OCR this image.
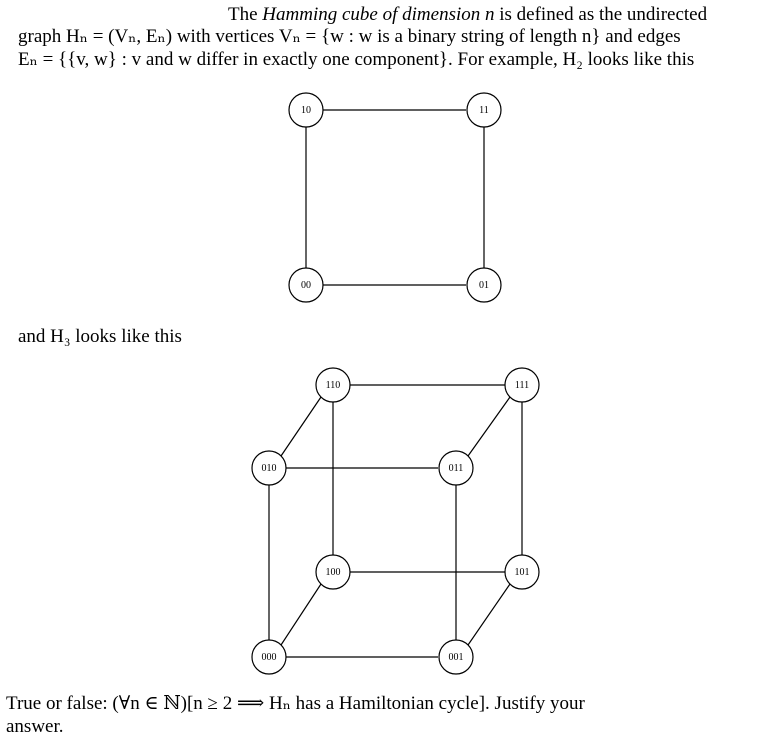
The Hamming cube of dimension n is defined as the undirected
graph Hₙ = (Vₙ, Eₙ) with vertices Vₙ = {w : w is a binary string of length n} and edges
Eₙ = {{v, w} : v and w differ in exactly one component}. For example, H₂ looks like this
and H₃ looks like this
True or false: (∀n ∈ ℕ)[n ≥ 2 ⟹ Hₙ has a Hamiltonian cycle]. Justify your
answer.
10	11
00	01
110	111
010	011
100	101
000	001
